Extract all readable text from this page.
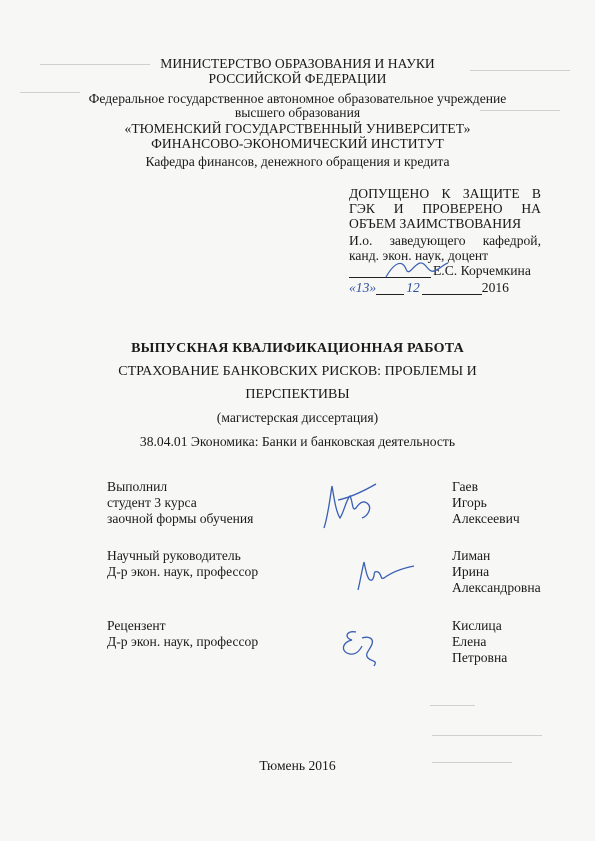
МИНИСТЕРСТВО ОБРАЗОВАНИЯ И НАУКИ
РОССИЙСКОЙ ФЕДЕРАЦИИ
Федеральное государственное автономное образовательное учреждение
высшего образования
«ТЮМЕНСКИЙ ГОСУДАРСТВЕННЫЙ УНИВЕРСИТЕТ»
ФИНАНСОВО-ЭКОНОМИЧЕСКИЙ ИНСТИТУТ
Кафедра финансов, денежного обращения и кредита
ДОПУЩЕНО К ЗАЩИТЕ В
ГЭК И ПРОВЕРЕНО НА
ОБЪЕМ ЗАИМСТВОВАНИЯ
И.о. заведующего кафедрой,
канд. экон. наук, доцент
Е.С. Корчемкина
«13» 12	2016
ВЫПУСКНАЯ КВАЛИФИКАЦИОННАЯ РАБОТА
СТРАХОВАНИЕ БАНКОВСКИХ РИСКОВ: ПРОБЛЕМЫ И
ПЕРСПЕКТИВЫ
(магистерская диссертация)
38.04.01 Экономика: Банки и банковская деятельность
Выполнил
студент 3 курса
заочной формы обучения
Гаев
Игорь
Алексеевич
Научный руководитель
Д-р экон. наук, профессор
Лиман
Ирина
Александровна
Рецензент
Д-р экон. наук, профессор
Кислица
Елена
Петровна
Тюмень 2016
